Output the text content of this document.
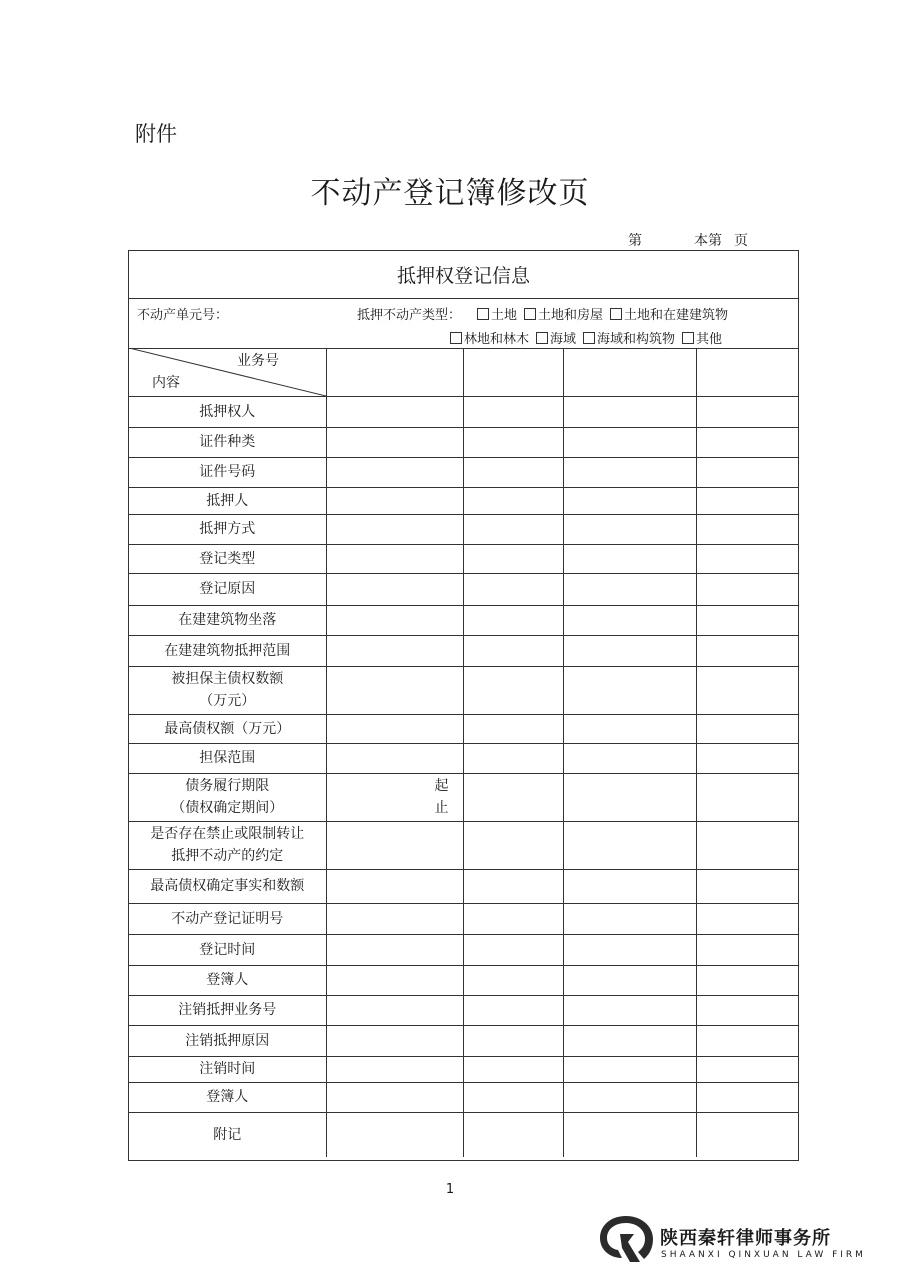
附件
不动产登记簿修改页
第	本第 页
抵押权登记信息
不动产单元号：	抵押不动产类型：	土地 土地和房屋 土地和在建建筑物
林地和林木 海域 海域和构筑物 其他
业务号
内容				

抵押权人				

证件种类				

证件号码				

抵押人				

抵押方式				

登记类型				

登记原因				

在建建筑物坐落				

在建建筑物抵押范围				

被担保主债权数额
（万元）				

最高债权额（万元）				

担保范围				

债务履行期限
（债权确定期间）	起
止			

是否存在禁止或限制转让
抵押不动产的约定				

最高债权确定事实和数额				

不动产登记证明号				

登记时间				

登簿人				

注销抵押业务号				

注销抵押原因				

注销时间				

登簿人				

附记				

1
陕西秦轩律师事务所
SHAANXI QINXUAN LAW FIRM
